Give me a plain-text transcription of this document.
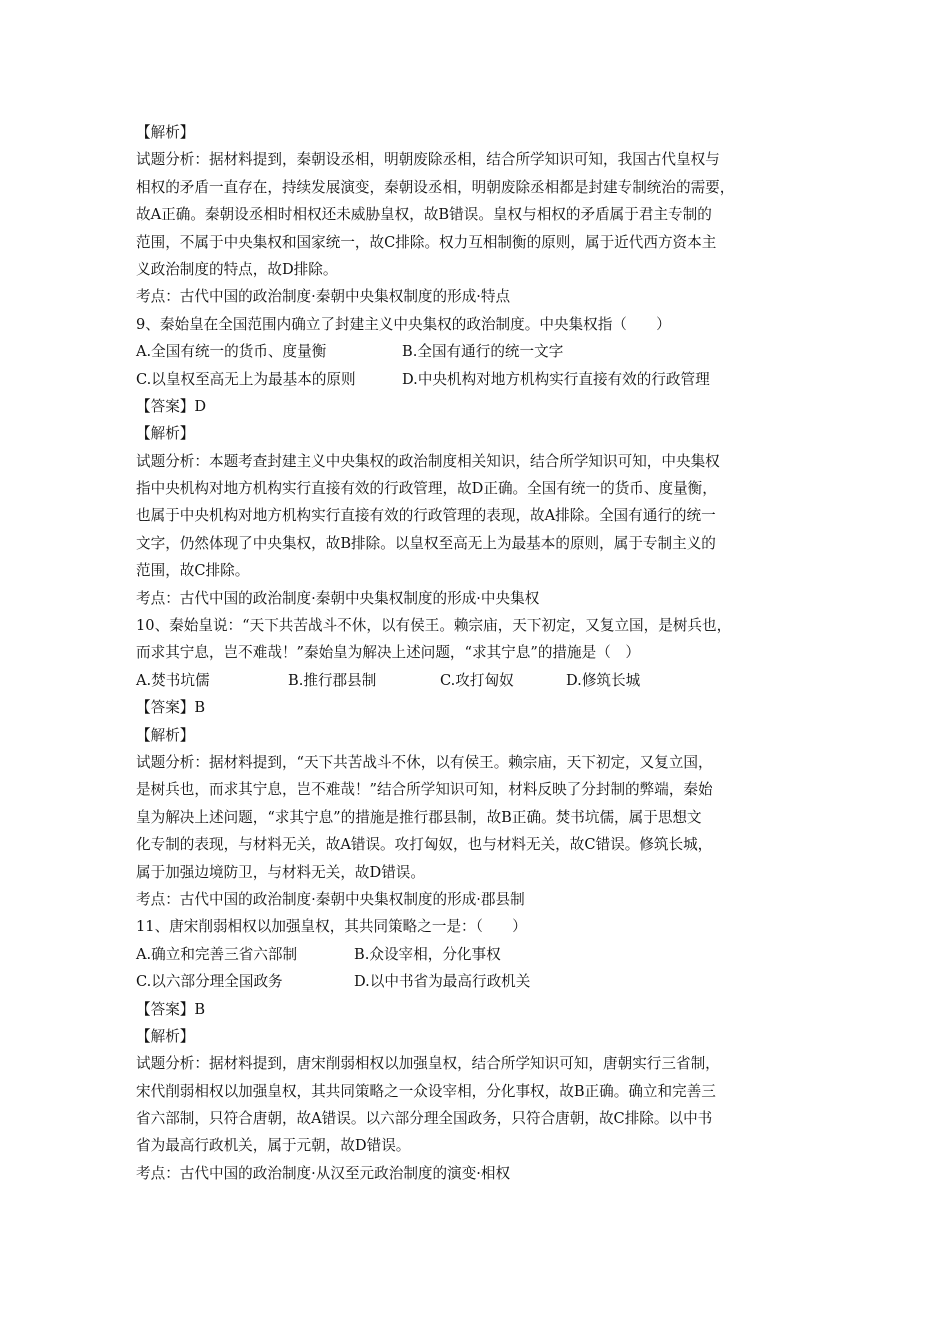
【解析】
试题分析：据材料提到，秦朝设丞相，明朝废除丞相，结合所学知识可知，我国古代皇权与
相权的矛盾一直存在，持续发展演变，秦朝设丞相，明朝废除丞相都是封建专制统治的需要，
故A正确。秦朝设丞相时相权还未威胁皇权，故B错误。皇权与相权的矛盾属于君主专制的
范围，不属于中央集权和国家统一，故C排除。权力互相制衡的原则，属于近代西方资本主
义政治制度的特点，故D排除。
考点：古代中国的政治制度·秦朝中央集权制度的形成·特点
9、秦始皇在全国范围内确立了封建主义中央集权的政治制度。中央集权指（　　）
A.全国有统一的货币、度量衡	B.全国有通行的统一文字
C.以皇权至高无上为最基本的原则	D.中央机构对地方机构实行直接有效的行政管理
【答案】D
【解析】
试题分析：本题考查封建主义中央集权的政治制度相关知识，结合所学知识可知，中央集权
指中央机构对地方机构实行直接有效的行政管理，故D正确。全国有统一的货币、度量衡，
也属于中央机构对地方机构实行直接有效的行政管理的表现，故A排除。全国有通行的统一
文字，仍然体现了中央集权，故B排除。以皇权至高无上为最基本的原则，属于专制主义的
范围，故C排除。
考点：古代中国的政治制度·秦朝中央集权制度的形成·中央集权
10、秦始皇说：“天下共苦战斗不休，以有侯王。赖宗庙，天下初定，又复立国，是树兵也，
而求其宁息，岂不难哉！”秦始皇为解决上述问题，“求其宁息”的措施是（　）
A.焚书坑儒	B.推行郡县制	C.攻打匈奴	D.修筑长城
【答案】B
【解析】
试题分析：据材料提到，“天下共苦战斗不休，以有侯王。赖宗庙，天下初定，又复立国，
是树兵也，而求其宁息，岂不难哉！”结合所学知识可知，材料反映了分封制的弊端，秦始
皇为解决上述问题，“求其宁息”的措施是推行郡县制，故B正确。焚书坑儒，属于思想文
化专制的表现，与材料无关，故A错误。攻打匈奴，也与材料无关，故C错误。修筑长城，
属于加强边境防卫，与材料无关，故D错误。
考点：古代中国的政治制度·秦朝中央集权制度的形成·郡县制
11、唐宋削弱相权以加强皇权，其共同策略之一是：（　　）
A.确立和完善三省六部制	B.众设宰相，分化事权
C.以六部分理全国政务	D.以中书省为最高行政机关
【答案】B
【解析】
试题分析：据材料提到，唐宋削弱相权以加强皇权，结合所学知识可知，唐朝实行三省制，
宋代削弱相权以加强皇权，其共同策略之一众设宰相，分化事权，故B正确。确立和完善三
省六部制，只符合唐朝，故A错误。以六部分理全国政务，只符合唐朝，故C排除。以中书
省为最高行政机关，属于元朝，故D错误。
考点：古代中国的政治制度·从汉至元政治制度的演变·相权
